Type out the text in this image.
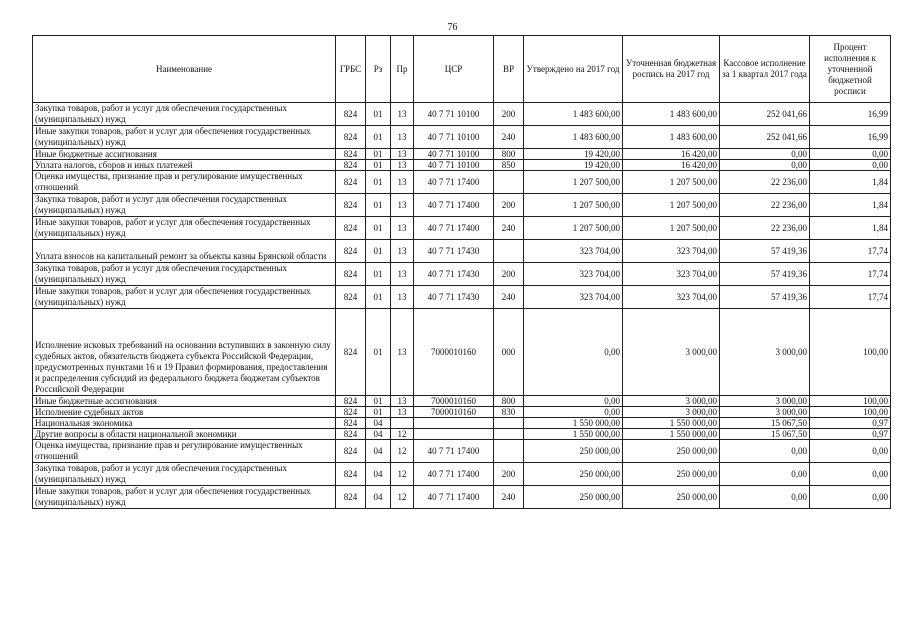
76
Наименование	ГРБС	Рз	Пр	ЦСР	ВР	Утверждено на 2017 год	Уточненная бюджетная роспись на 2017 год	Кассовое исполнение за 1 квартал 2017 года	Процент исполнения к уточненной бюджетной росписи
Закупка товаров, работ и услуг для обеспечения государственных (муниципальных) нужд	824	01	13	40 7 71 10100	200	1 483 600,00	1 483 600,00	252 041,66	16,99
Иные закупки товаров, работ и услуг для обеспечения государственных (муниципальных) нужд	824	01	13	40 7 71 10100	240	1 483 600,00	1 483 600,00	252 041,66	16,99
Иные бюджетные ассигнования	824	01	13	40 7 71 10100	800	19 420,00	16 420,00	0,00	0,00
Уплата налогов, сборов и иных платежей	824	01	13	40 7 71 10100	850	19 420,00	16 420,00	0,00	0,00
Оценка имущества, признание прав и регулирование имущественных отношений	824	01	13	40 7 71 17400		1 207 500,00	1 207 500,00	22 236,00	1,84
Закупка товаров, работ и услуг для обеспечения государственных (муниципальных) нужд	824	01	13	40 7 71 17400	200	1 207 500,00	1 207 500,00	22 236,00	1,84
Иные закупки товаров, работ и услуг для обеспечения государственных (муниципальных) нужд	824	01	13	40 7 71 17400	240	1 207 500,00	1 207 500,00	22 236,00	1,84
Уплата взносов на капитальный ремонт за объекты казны Брянской области	824	01	13	40 7 71 17430		323 704,00	323 704,00	57 419,36	17,74
Закупка товаров, работ и услуг для обеспечения государственных (муниципальных) нужд	824	01	13	40 7 71 17430	200	323 704,00	323 704,00	57 419,36	17,74
Иные закупки товаров, работ и услуг для обеспечения государственных (муниципальных) нужд	824	01	13	40 7 71 17430	240	323 704,00	323 704,00	57 419,36	17,74
Исполнение исковых требований на основании вступивших в законную силу судебных актов, обязательств бюджета субъекта Российской Федерации, предусмотренных пунктами 16 и 19 Правил формирования, предоставления и распределения субсидий из федерального бюджета бюджетам субъектов Российской Федерации	824	01	13	7000010160	000	0,00	3 000,00	3 000,00	100,00
Иные бюджетные ассигнования	824	01	13	7000010160	800	0,00	3 000,00	3 000,00	100,00
Исполнение судебных актов	824	01	13	7000010160	830	0,00	3 000,00	3 000,00	100,00
Национальная экономика	824	04				1 550 000,00	1 550 000,00	15 067,50	0,97
Другие вопросы в области национальной экономики	824	04	12			1 550 000,00	1 550 000,00	15 067,50	0,97
Оценка имущества, признание прав и регулирование имущественных отношений	824	04	12	40 7 71 17400		250 000,00	250 000,00	0,00	0,00
Закупка товаров, работ и услуг для обеспечения государственных (муниципальных) нужд	824	04	12	40 7 71 17400	200	250 000,00	250 000,00	0,00	0,00
Иные закупки товаров, работ и услуг для обеспечения государственных (муниципальных) нужд	824	04	12	40 7 71 17400	240	250 000,00	250 000,00	0,00	0,00
